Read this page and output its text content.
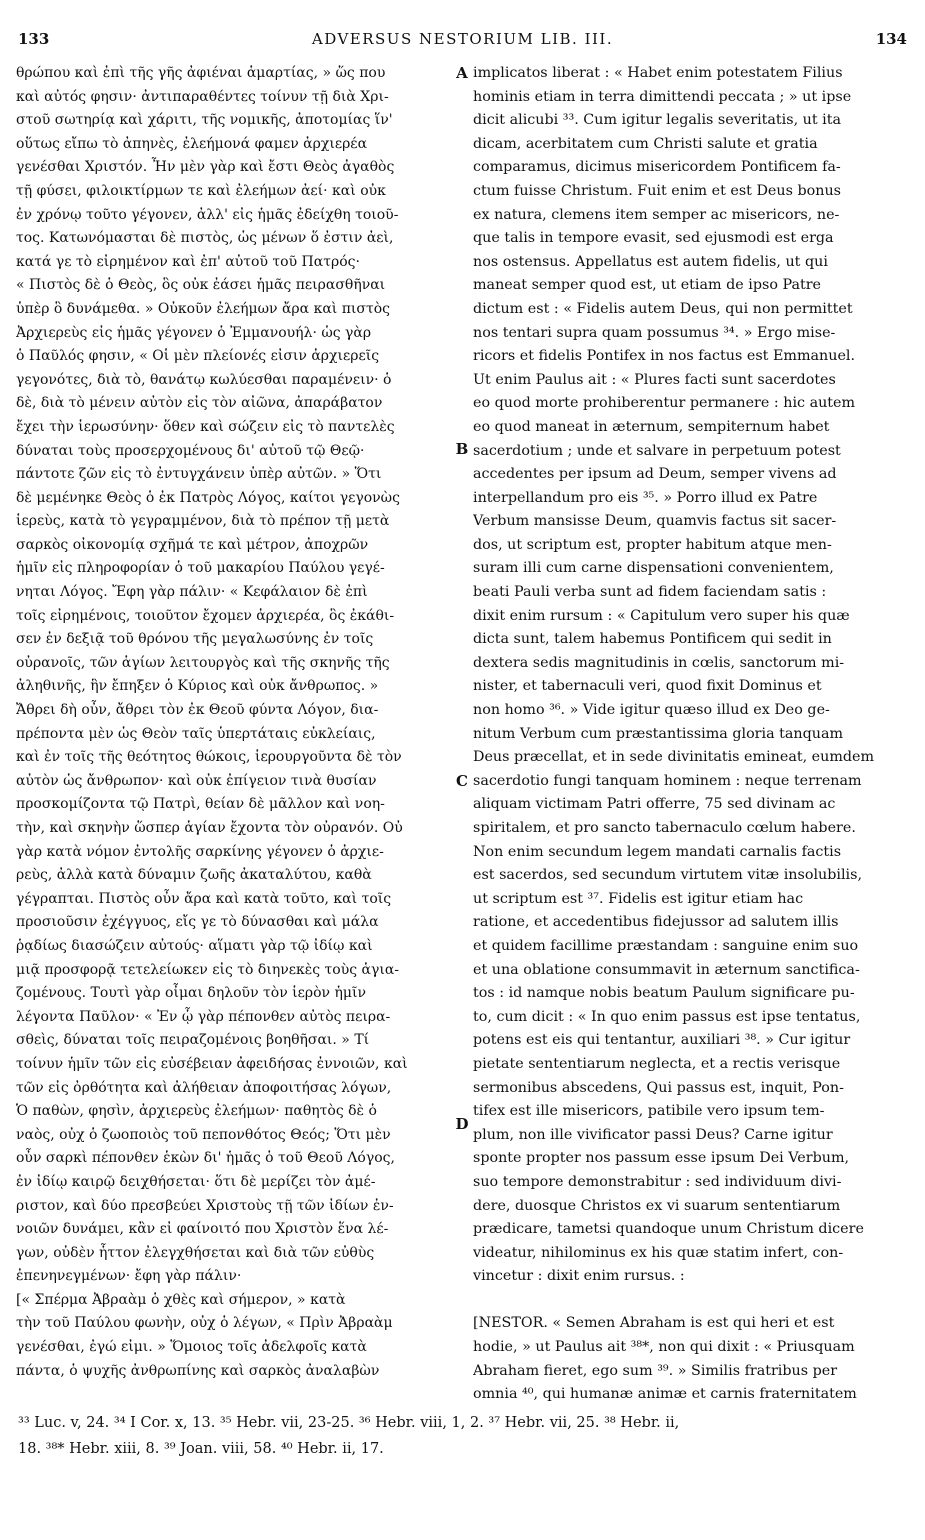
133	ADVERSUS NESTORIUM LIB. III.	134
θρώπου καὶ ἐπὶ τῆς γῆς ἀφιέναι ἁμαρτίας, » ὥς που
καὶ αὐτός φησιν· ἀντιπαραθέντες τοίνυν τῇ διὰ Χρι-
στοῦ σωτηρίᾳ καὶ χάριτι, τῆς νομικῆς, ἀποτομίας ἵν'
οὕτως εἴπω τὸ ἀπηνὲς, ἐλεήμονά φαμεν ἀρχιερέα
γενέσθαι Χριστόν. Ἦν μὲν γὰρ καὶ ἔστι Θεὸς ἀγαθὸς
τῇ φύσει, φιλοικτίρμων τε καὶ ἐλεήμων ἀεί· καὶ οὐκ
ἐν χρόνῳ τοῦτο γέγονεν, ἀλλ' εἰς ἡμᾶς ἐδείχθη τοιοῦ-
τος. Κατωνόμασται δὲ πιστὸς, ὡς μένων ὅ ἐστιν ἀεὶ,
κατά γε τὸ εἰρημένον καὶ ἐπ' αὐτοῦ τοῦ Πατρός·
« Πιστὸς δὲ ὁ Θεὸς, ὃς οὐκ ἐάσει ἡμᾶς πειρασθῆναι
ὑπὲρ ὃ δυνάμεθα. » Οὐκοῦν ἐλεήμων ἄρα καὶ πιστὸς
Ἀρχιερεὺς εἰς ἡμᾶς γέγονεν ὁ Ἐμμανουήλ· ὡς γὰρ
ὁ Παῦλός φησιν, « Οἱ μὲν πλείονές εἰσιν ἀρχιερεῖς
γεγονότες, διὰ τὸ, θανάτῳ κωλύεσθαι παραμένειν· ὁ
δὲ, διὰ τὸ μένειν αὐτὸν εἰς τὸν αἰῶνα, ἀπαράβατον
ἔχει τὴν ἱερωσύνην· ὅθεν καὶ σώζειν εἰς τὸ παντελὲς
δύναται τοὺς προσερχομένους δι' αὐτοῦ τῷ Θεῷ·
πάντοτε ζῶν εἰς τὸ ἐντυγχάνειν ὑπὲρ αὐτῶν. » Ὅτι
δὲ μεμένηκε Θεὸς ὁ ἐκ Πατρὸς Λόγος, καίτοι γεγονὼς
ἱερεὺς, κατὰ τὸ γεγραμμένον, διὰ τὸ πρέπον τῇ μετὰ
σαρκὸς οἰκονομίᾳ σχῆμά τε καὶ μέτρον, ἀποχρῶν
ἡμῖν εἰς πληροφορίαν ὁ τοῦ μακαρίου Παύλου γεγέ-
νηται Λόγος. Ἔφη γὰρ πάλιν· « Κεφάλαιον δὲ ἐπὶ
τοῖς εἰρημένοις, τοιοῦτον ἔχομεν ἀρχιερέα, ὃς ἐκάθι-
σεν ἐν δεξιᾷ τοῦ θρόνου τῆς μεγαλωσύνης ἐν τοῖς
οὐρανοῖς, τῶν ἁγίων λειτουργὸς καὶ τῆς σκηνῆς τῆς
ἀληθινῆς, ἣν ἔπηξεν ὁ Κύριος καὶ οὐκ ἄνθρωπος. »
Ἄθρει δὴ οὖν, ἄθρει τὸν ἐκ Θεοῦ φύντα Λόγον, δια-
πρέποντα μὲν ὡς Θεὸν ταῖς ὑπερτάταις εὐκλείαις,
καὶ ἐν τοῖς τῆς θεότητος θώκοις, ἱερουργοῦντα δὲ τὸν
αὐτὸν ὡς ἄνθρωπον· καὶ οὐκ ἐπίγειον τινὰ θυσίαν
προσκομίζοντα τῷ Πατρὶ, θείαν δὲ μᾶλλον καὶ νοη-
τὴν, καὶ σκηνὴν ὥσπερ ἁγίαν ἔχοντα τὸν οὐρανόν. Οὐ
γὰρ κατὰ νόμον ἐντολῆς σαρκίνης γέγονεν ὁ ἀρχιε-
ρεὺς, ἀλλὰ κατὰ δύναμιν ζωῆς ἀκαταλύτου, καθὰ
γέγραπται. Πιστὸς οὖν ἄρα καὶ κατὰ τοῦτο, καὶ τοῖς
προσιοῦσιν ἐχέγγυος, εἴς γε τὸ δύνασθαι καὶ μάλα
ῥᾳδίως διασώζειν αὐτούς· αἵματι γὰρ τῷ ἰδίῳ καὶ
μιᾷ προσφορᾷ τετελείωκεν εἰς τὸ διηνεκὲς τοὺς ἁγια-
ζομένους. Τουτὶ γὰρ οἶμαι δηλοῦν τὸν ἱερὸν ἡμῖν
λέγοντα Παῦλον· « Ἐν ᾧ γὰρ πέπονθεν αὐτὸς πειρα-
σθεὶς, δύναται τοῖς πειραζομένοις βοηθῆσαι. » Τί
τοίνυν ἡμῖν τῶν εἰς εὐσέβειαν ἀφειδήσας ἐννοιῶν, καὶ
τῶν εἰς ὀρθότητα καὶ ἀλήθειαν ἀποφοιτήσας λόγων,
Ὁ παθὼν, φησὶν, ἀρχιερεὺς ἐλεήμων· παθητὸς δὲ ὁ
ναὸς, οὐχ ὁ ζωοποιὸς τοῦ πεπονθότος Θεός; Ὅτι μὲν
οὖν σαρκὶ πέπονθεν ἑκὼν δι' ἡμᾶς ὁ τοῦ Θεοῦ Λόγος,
ἐν ἰδίῳ καιρῷ δειχθήσεται· ὅτι δὲ μερίζει τὸν ἀμέ-
ριστον, καὶ δύο πρεσβεύει Χριστοὺς τῇ τῶν ἰδίων ἐν-
νοιῶν δυνάμει, κἂν εἰ φαίνοιτό που Χριστὸν ἕνα λέ-
γων, οὐδὲν ἧττον ἐλεγχθήσεται καὶ διὰ τῶν εὐθὺς
ἐπενηνεγμένων· ἔφη γὰρ πάλιν·
[« Σπέρμα Ἀβραὰμ ὁ χθὲς καὶ σήμερον, » κατὰ
τὴν τοῦ Παύλου φωνὴν, οὐχ ὁ λέγων, « Πρὶν Ἀβραὰμ
γενέσθαι, ἐγώ εἰμι. » Ὅμοιος τοῖς ἀδελφοῖς κατὰ
πάντα, ὁ ψυχῆς ἀνθρωπίνης καὶ σαρκὸς ἀναλαβὼν
implicatos liberat : « Habet enim potestatem Filius
hominis etiam in terra dimittendi peccata ; » ut ipse
dicit alicubi ³³. Cum igitur legalis severitatis, ut ita
dicam, acerbitatem cum Christi salute et gratia
comparamus, dicimus misericordem Pontificem fa-
ctum fuisse Christum. Fuit enim et est Deus bonus
ex natura, clemens item semper ac misericors, ne-
que talis in tempore evasit, sed ejusmodi est erga
nos ostensus. Appellatus est autem fidelis, ut qui
maneat semper quod est, ut etiam de ipso Patre
dictum est : « Fidelis autem Deus, qui non permittet
nos tentari supra quam possumus ³⁴. » Ergo mise-
ricors et fidelis Pontifex in nos factus est Emmanuel.
Ut enim Paulus ait : « Plures facti sunt sacerdotes
eo quod morte prohiberentur permanere : hic autem
eo quod maneat in æternum, sempiternum habet
sacerdotium ; unde et salvare in perpetuum potest
accedentes per ipsum ad Deum, semper vivens ad
interpellandum pro eis ³⁵. » Porro illud ex Patre
Verbum mansisse Deum, quamvis factus sit sacer-
dos, ut scriptum est, propter habitum atque men-
suram illi cum carne dispensationi convenientem,
beati Pauli verba sunt ad fidem faciendam satis :
dixit enim rursum : « Capitulum vero super his quæ
dicta sunt, talem habemus Pontificem qui sedit in
dextera sedis magnitudinis in cœlis, sanctorum mi-
nister, et tabernaculi veri, quod fixit Dominus et
non homo ³⁶. » Vide igitur quæso illud ex Deo ge-
nitum Verbum cum præstantissima gloria tanquam
Deus præcellat, et in sede divinitatis emineat, eumdem
sacerdotio fungi tanquam hominem : neque terrenam
aliquam victimam Patri offerre, 75 sed divinam ac
spiritalem, et pro sancto tabernaculo cœlum habere.
Non enim secundum legem mandati carnalis factis
est sacerdos, sed secundum virtutem vitæ insolubilis,
ut scriptum est ³⁷. Fidelis est igitur etiam hac
ratione, et accedentibus fidejussor ad salutem illis
et quidem facillime præstandam : sanguine enim suo
et una oblatione consummavit in æternum sanctifica-
tos : id namque nobis beatum Paulum significare pu-
to, cum dicit : « In quo enim passus est ipse tentatus,
potens est eis qui tentantur, auxiliari ³⁸. » Cur igitur
pietate sententiarum neglecta, et a rectis verisque
sermonibus abscedens, Qui passus est, inquit, Pon-
tifex est ille misericors, patibile vero ipsum tem-
plum, non ille vivificator passi Deus? Carne igitur
sponte propter nos passum esse ipsum Dei Verbum,
suo tempore demonstrabitur : sed individuum divi-
dere, duosque Christos ex vi suarum sententiarum
prædicare, tametsi quandoque unum Christum dicere
videatur, nihilominus ex his quæ statim infert, con-
vincetur : dixit enim rursus. :
[NESTOR. « Semen Abraham is est qui heri et est
hodie, » ut Paulus ait ³⁸*, non qui dixit : « Priusquam
Abraham fieret, ego sum ³⁹. » Similis fratribus per
omnia ⁴⁰, qui humanæ animæ et carnis fraternitatem
A
B
C
D
³³ Luc. v, 24. ³⁴ I Cor. x, 13. ³⁵ Hebr. vii, 23-25. ³⁶ Hebr. viii, 1, 2. ³⁷ Hebr. vii, 25. ³⁸ Hebr. ii,
18. ³⁸* Hebr. xiii, 8. ³⁹ Joan. viii, 58. ⁴⁰ Hebr. ii, 17.
